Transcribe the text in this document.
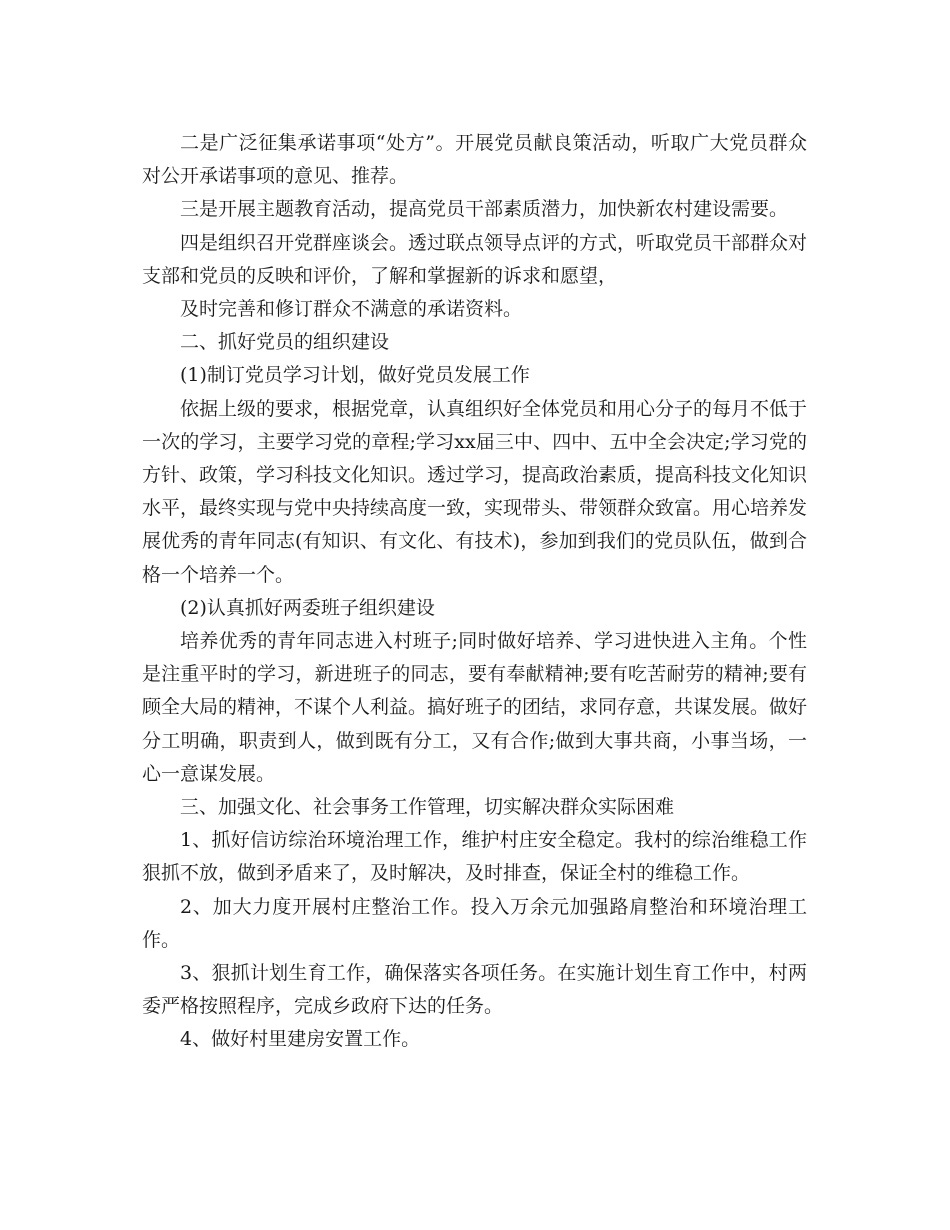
二是广泛征集承诺事项“处方”。开展党员献良策活动，听取广大党员群众对公开承诺事项的意见、推荐。

三是开展主题教育活动，提高党员干部素质潜力，加快新农村建设需要。

四是组织召开党群座谈会。透过联点领导点评的方式，听取党员干部群众对支部和党员的反映和评价，了解和掌握新的诉求和愿望，

及时完善和修订群众不满意的承诺资料。

二、抓好党员的组织建设

(1)制订党员学习计划，做好党员发展工作

依据上级的要求，根据党章，认真组织好全体党员和用心分子的每月不低于一次的学习，主要学习党的章程;学习xx届三中、四中、五中全会决定;学习党的方针、政策，学习科技文化知识。透过学习，提高政治素质，提高科技文化知识水平，最终实现与党中央持续高度一致，实现带头、带领群众致富。用心培养发展优秀的青年同志(有知识、有文化、有技术)，参加到我们的党员队伍，做到合格一个培养一个。

(2)认真抓好两委班子组织建设

培养优秀的青年同志进入村班子;同时做好培养、学习进快进入主角。个性是注重平时的学习，新进班子的同志，要有奉献精神;要有吃苦耐劳的精神;要有顾全大局的精神，不谋个人利益。搞好班子的团结，求同存意，共谋发展。做好分工明确，职责到人，做到既有分工，又有合作;做到大事共商，小事当场，一心一意谋发展。

三、加强文化、社会事务工作管理，切实解决群众实际困难

1、抓好信访综治环境治理工作，维护村庄安全稳定。我村的综治维稳工作狠抓不放，做到矛盾来了，及时解决，及时排查，保证全村的维稳工作。

2、加大力度开展村庄整治工作。投入万余元加强路肩整治和环境治理工作。

3、狠抓计划生育工作，确保落实各项任务。在实施计划生育工作中，村两委严格按照程序，完成乡政府下达的任务。

4、做好村里建房安置工作。
